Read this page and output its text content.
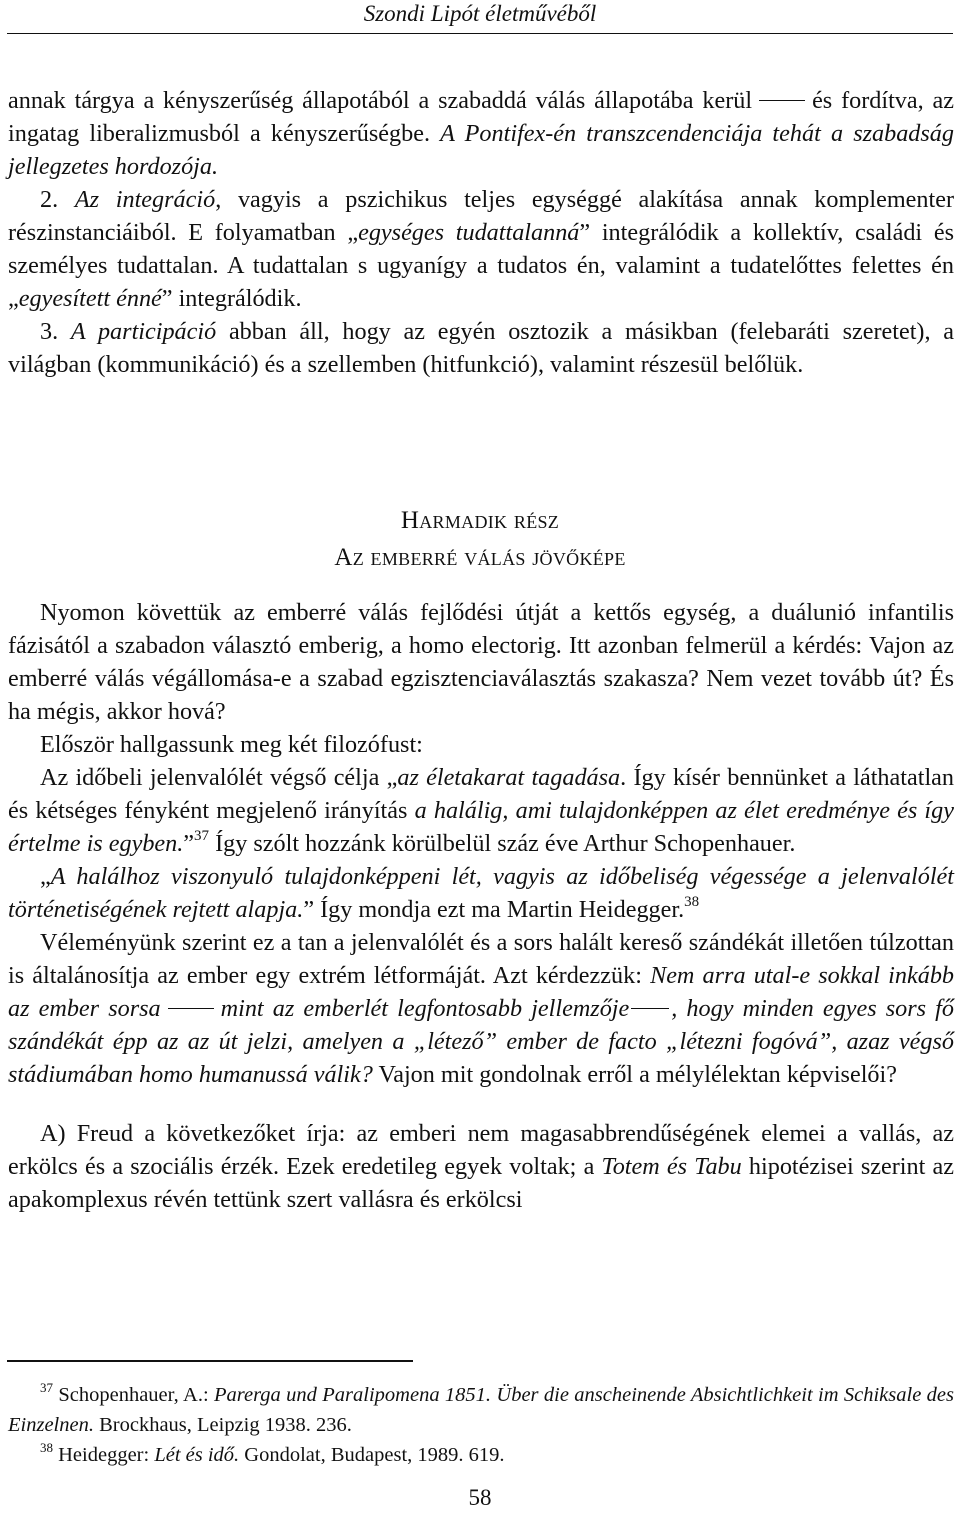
Szondi Lipót életművéből

annak tárgya a kényszerűség állapotából a szabaddá válás állapotába kerül és fordítva, az ingatag liberalizmusból a kényszerűségbe. A Pontifex-én transzcendenciája tehát a szabadság jellegzetes hordozója.

2. Az integráció, vagyis a pszichikus teljes egységgé alakítása annak komplementer részinstanciáiból. E folyamatban „egységes tudattalanná” integrálódik a kollektív, családi és személyes tudattalan. A tudattalan s ugyanígy a tudatos én, valamint a tudatelőttes felettes én „egyesített énné” integrálódik.

3. A participáció abban áll, hogy az egyén osztozik a másikban (felebaráti szeretet), a világban (kommunikáció) és a szellemben (hitfunkció), valamint részesül belőlük.

Harmadik rész
Az emberré válás jövőképe

Nyomon követtük az emberré válás fejlődési útját a kettős egység, a duálunió infantilis fázisától a szabadon választó emberig, a homo electorig. Itt azonban felmerül a kérdés: Vajon az emberré válás végállomása-e a szabad egzisztenciaválasztás szakasza? Nem vezet tovább út? És ha mégis, akkor hová?

Először hallgassunk meg két filozófust:

Az időbeli jelenvalólét végső célja „az életakarat tagadása. Így kísér bennünket a láthatatlan és kétséges fényként megjelenő irányítás a halálig, ami tulajdonképpen az élet eredménye és így értelme is egyben.”$^{37}$ Így szólt hozzánk körülbelül száz éve Arthur Schopenhauer.

„A halálhoz viszonyuló tulajdonképpeni lét, vagyis az időbeliség végessége a jelenvalólét történetiségének rejtett alapja.” Így mondja ezt ma Martin Heidegger.$^{38}$

Véleményünk szerint ez a tan a jelenvalólét és a sors halált kereső szándékát illetően túlzottan is általánosítja az ember egy extrém létformáját. Azt kérdezzük: Nem arra utal-e sokkal inkább az ember sorsa mint az emberlét legfontosabb jellemzője , hogy minden egyes sors fő szándékát épp az az út jelzi, amelyen a „létező” ember de facto „létezni fogóvá”, azaz végső stádiumában homo humanussá válik? Vajon mit gondolnak erről a mélylélektan képviselői?

A) Freud a következőket írja: az emberi nem magasabbrendűségének elemei a vallás, az erkölcs és a szociális érzék. Ezek eredetileg egyek voltak; a Totem és Tabu hipotézisei szerint az apakomplexus révén tettünk szert vallásra és erkölcsi

$^{37}$ Schopenhauer, A.: Parerga und Paralipomena 1851. Über die anscheinende Absichtlichkeit im Schiksale des Einzelnen. Brockhaus, Leipzig 1938. 236.

$^{38}$ Heidegger: Lét és idő. Gondolat, Budapest, 1989. 619.

58
